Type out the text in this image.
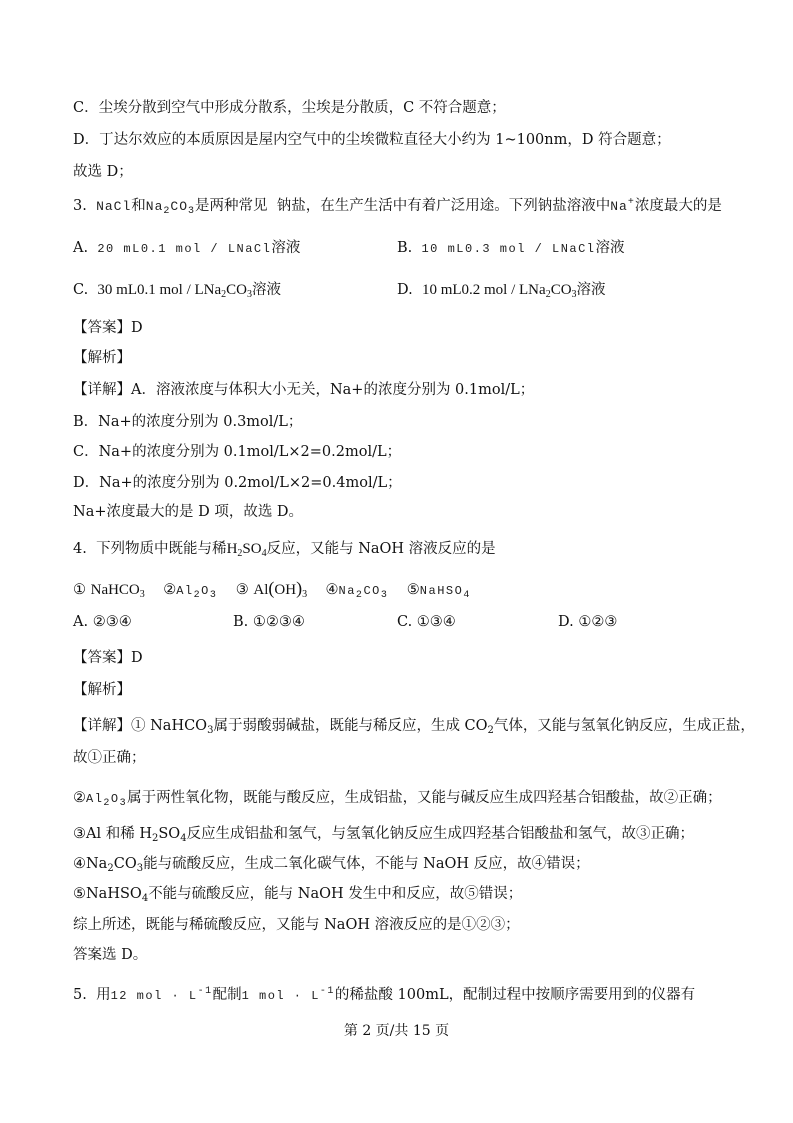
C．尘埃分散到空气中形成分散系，尘埃是分散质，C 不符合题意；
D．丁达尔效应的本质原因是屋内空气中的尘埃微粒直径大小约为 1~100nm，D 符合题意；
故选 D；
3. NaCl和$Na_2CO_3$是两种常见 钠盐，在生产生活中有着广泛用途。下列钠盐溶液中Na+浓度最大的是
A. 20 mL0.1 mol / LNaCl溶液	B. 10 mL0.3 mol / LNaCl溶液
C. 30 mL0.1 mol / $LNa_2CO_3$溶液	D. 10 mL0.2 mol / $LNa_2CO_3$溶液
【答案】D
【解析】
【详解】A．溶液浓度与体积大小无关，Na+的浓度分别为 0.1mol/L；
B．Na+的浓度分别为 0.3mol/L；
C．Na+的浓度分别为 0.1mol/L×2=0.2mol/L；
D．Na+的浓度分别为 0.2mol/L×2=0.4mol/L；
Na+浓度最大的是 D 项，故选 D。
4. 下列物质中既能与稀$H_2SO_4$反应，又能与 NaOH 溶液反应的是
① NaHCO$_3$ $②Al_2O_3$ ③ $Al(OH)_3$ $④Na_2CO_3$ ⑤NaHSO$_4$
A. ②③④	B. ①②③④	C. ①③④	D. ①②③
【答案】D
【解析】
【详解】① NaHCO$_3$属于弱酸弱碱盐，既能与稀反应，生成 $CO_2$气体，又能与氢氧化钠反应，生成正盐，
故①正确；
$②Al_2O_3$属于两性氧化物，既能与酸反应，生成铝盐，又能与碱反应生成四羟基合铝酸盐，故②正确；
③Al 和稀 $H_2SO_4$反应生成铝盐和氢气，与氢氧化钠反应生成四羟基合铝酸盐和氢气，故③正确；
$④Na_2CO_3$能与硫酸反应，生成二氧化碳气体，不能与 NaOH 反应，故④错误；
⑤NaHSO$_4$不能与硫酸反应，能与 NaOH 发生中和反应，故⑤错误；
综上所述，既能与稀硫酸反应，又能与 NaOH 溶液反应的是①②③；
答案选 D。
5. 用12 mol · $L^{-1}$配制1 mol · $L^{-1}$的稀盐酸 100mL，配制过程中按顺序需要用到的仪器有
第 2 页/共 15 页
